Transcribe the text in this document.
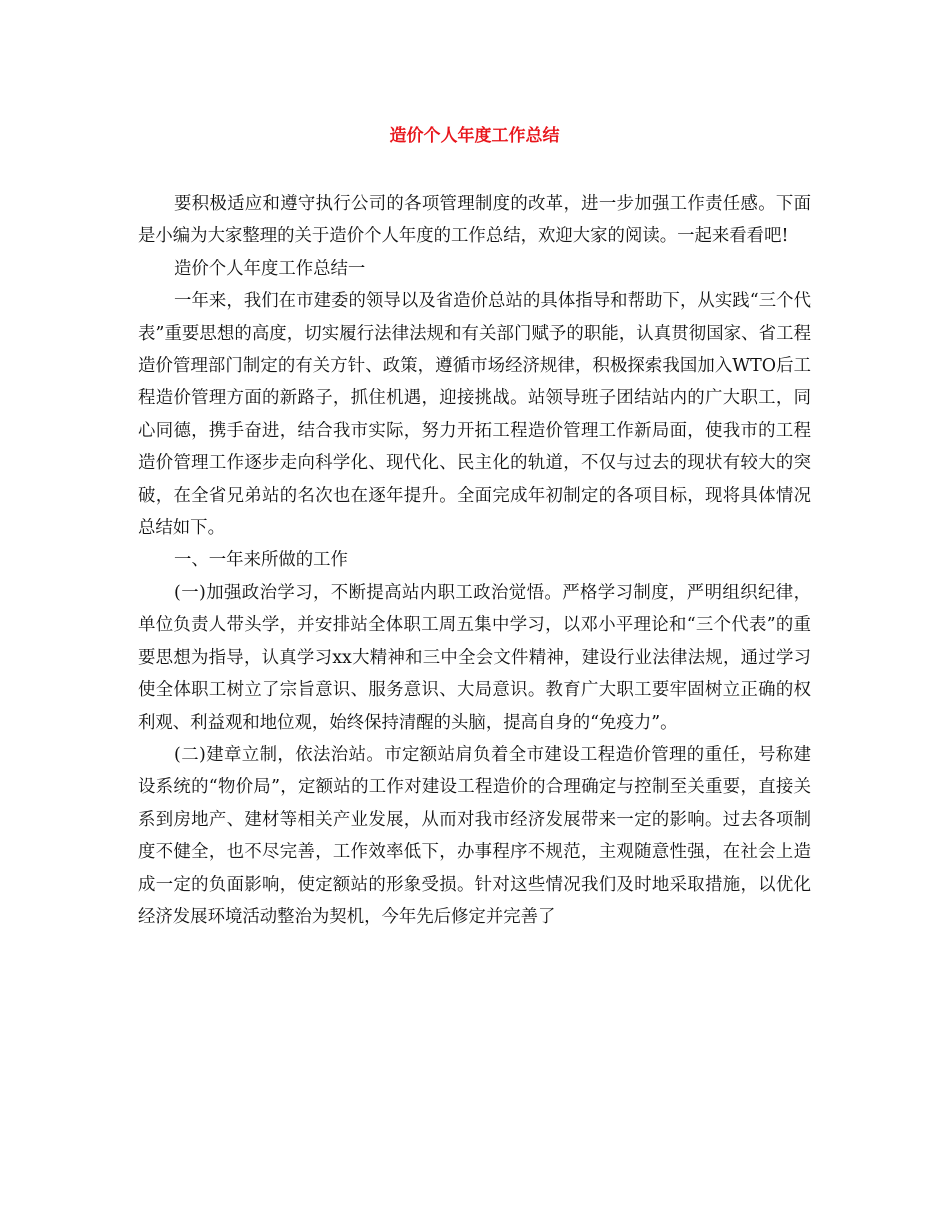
造价个人年度工作总结

要积极适应和遵守执行公司的各项管理制度的改革，进一步加强工作责任感。下面是小编为大家整理的关于造价个人年度的工作总结，欢迎大家的阅读。一起来看看吧!

造价个人年度工作总结一

一年来，我们在市建委的领导以及省造价总站的具体指导和帮助下，从实践“三个代表”重要思想的高度，切实履行法律法规和有关部门赋予的职能，认真贯彻国家、省工程造价管理部门制定的有关方针、政策，遵循市场经济规律，积极探索我国加入WTO后工程造价管理方面的新路子，抓住机遇，迎接挑战。站领导班子团结站内的广大职工，同心同德，携手奋进，结合我市实际，努力开拓工程造价管理工作新局面，使我市的工程造价管理工作逐步走向科学化、现代化、民主化的轨道，不仅与过去的现状有较大的突破，在全省兄弟站的名次也在逐年提升。全面完成年初制定的各项目标，现将具体情况总结如下。

一、一年来所做的工作

(一)加强政治学习，不断提高站内职工政治觉悟。严格学习制度，严明组织纪律，单位负责人带头学，并安排站全体职工周五集中学习，以邓小平理论和“三个代表”的重要思想为指导，认真学习xx大精神和三中全会文件精神，建设行业法律法规，通过学习使全体职工树立了宗旨意识、服务意识、大局意识。教育广大职工要牢固树立正确的权利观、利益观和地位观，始终保持清醒的头脑，提高自身的“免疫力”。

(二)建章立制，依法治站。市定额站肩负着全市建设工程造价管理的重任，号称建设系统的“物价局”，定额站的工作对建设工程造价的合理确定与控制至关重要，直接关系到房地产、建材等相关产业发展，从而对我市经济发展带来一定的影响。过去各项制度不健全，也不尽完善，工作效率低下，办事程序不规范，主观随意性强，在社会上造成一定的负面影响，使定额站的形象受损。针对这些情况我们及时地采取措施，以优化经济发展环境活动整治为契机，今年先后修定并完善了
